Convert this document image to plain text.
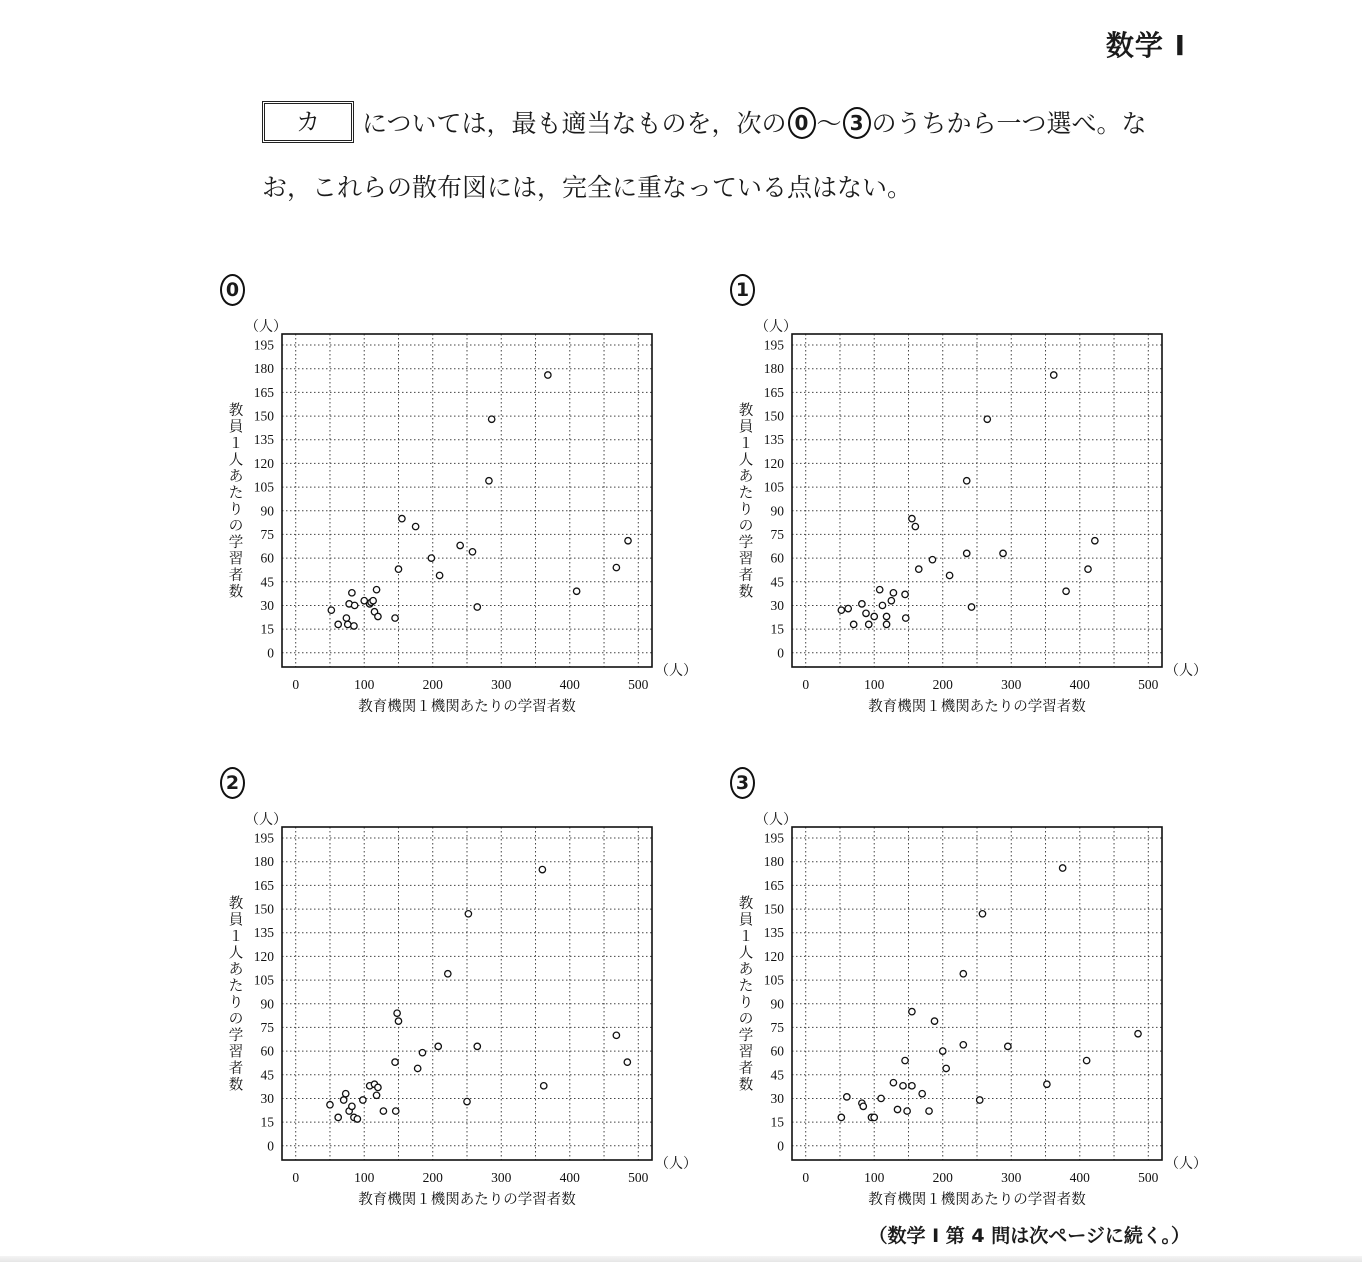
数学 I
カ については，最も適当なものを，次の 0 ～ 3 のうちから一つ選べ。な
お，これらの散布図には，完全に重なっている点はない。
0
0
15
30
45
60
75
90
105
120
135
150
165
180
195
0	100	200	300	400	500
（人）
（人）
教育機関１機関あたりの学習者数
教
員
１
人
あ
た
り
の
学
習
者
数
1
0
15
30
45
60
75
90
105
120
135
150
165
180
195
0	100	200	300	400	500
（人）
（人）
教育機関１機関あたりの学習者数
教
員
１
人
あ
た
り
の
学
習
者
数
2
0
15
30
45
60
75
90
105
120
135
150
165
180
195
0	100	200	300	400	500
（人）
（人）
教育機関１機関あたりの学習者数
教
員
１
人
あ
た
り
の
学
習
者
数
3
0
15
30
45
60
75
90
105
120
135
150
165
180
195
0	100	200	300	400	500
（人）
（人）
教育機関１機関あたりの学習者数
教
員
１
人
あ
た
り
の
学
習
者
数
（数学 I 第 4 問は次ページに続く。）
